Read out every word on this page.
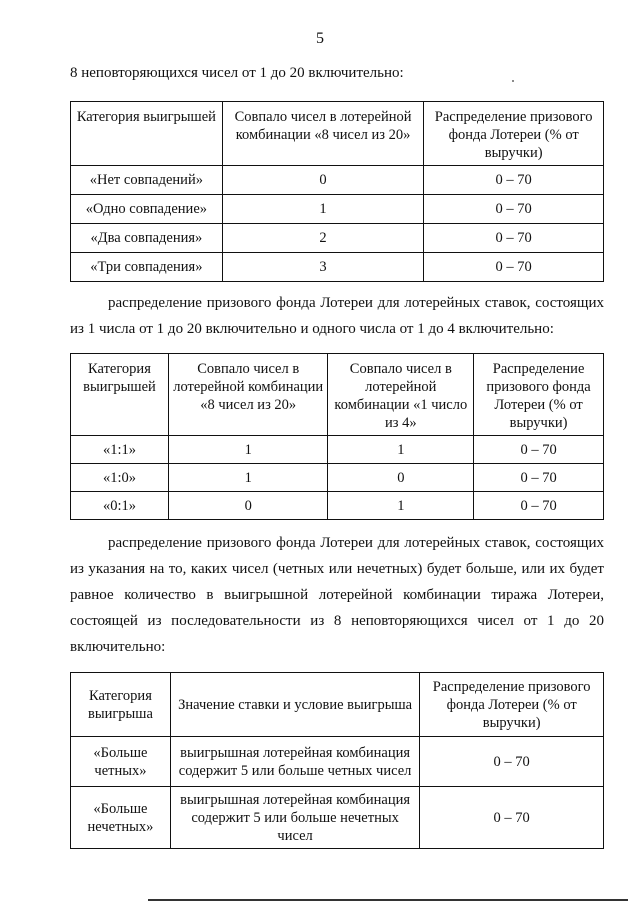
5
8 неповторяющихся чисел от 1 до 20 включительно:
Категория выигрышей	Совпало чисел в лотерейной комбинации «8 чисел из 20»	Распределение призового фонда Лотереи (% от выручки)
«Нет совпадений»	0	0 – 70
«Одно совпадение»	1	0 – 70
«Два совпадения»	2	0 – 70
«Три совпадения»	3	0 – 70
распределение призового фонда Лотереи для лотерейных ставок, состоящих из 1 числа от 1 до 20 включительно и одного числа от 1 до 4 включительно:
Категория выигрышей	Совпало чисел в лотерейной комбинации «8 чисел из 20»	Совпало чисел в лотерейной комбинации «1 число из 4»	Распределение призового фонда Лотереи (% от выручки)
«1:1»	1	1	0 – 70
«1:0»	1	0	0 – 70
«0:1»	0	1	0 – 70
распределение призового фонда Лотереи для лотерейных ставок, состоящих из указания на то, каких чисел (четных или нечетных) будет больше, или их будет равное количество в выигрышной лотерейной комбинации тиража Лотереи, состоящей из последовательности из 8 неповторяющихся чисел от 1 до 20 включительно:
Категория выигрыша	Значение ставки и условие выигрыша	Распределение призового фонда Лотереи (% от выручки)
«Больше четных»	выигрышная лотерейная комбинация содержит 5 или больше четных чисел	0 – 70
«Больше нечетных»	выигрышная лотерейная комбинация содержит 5 или больше нечетных чисел	0 – 70
